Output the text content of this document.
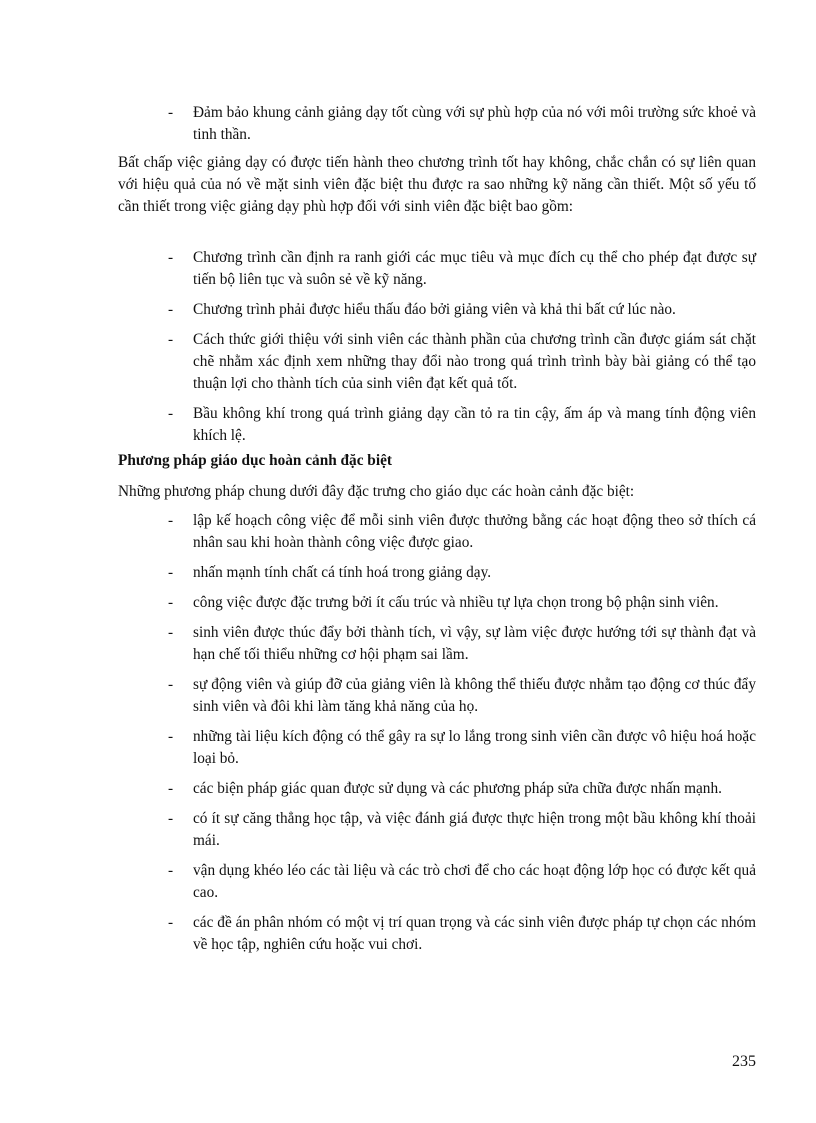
- Đảm bảo khung cảnh giảng dạy tốt cùng với sự phù hợp của nó với môi trường sức khoẻ và tinh thần.

Bất chấp việc giảng dạy có được tiến hành theo chương trình tốt hay không, chắc chắn có sự liên quan với hiệu quả của nó về mặt sinh viên đặc biệt thu được ra sao những kỹ năng cần thiết. Một số yếu tố cần thiết trong việc giảng dạy phù hợp đối với sinh viên đặc biệt bao gồm:

- Chương trình cần định ra ranh giới các mục tiêu và mục đích cụ thể cho phép đạt được sự tiến bộ liên tục và suôn sẻ về kỹ năng.
- Chương trình phải được hiểu thấu đáo bởi giảng viên và khả thi bất cứ lúc nào.
- Cách thức giới thiệu với sinh viên các thành phần của chương trình cần được giám sát chặt chẽ nhằm xác định xem những thay đổi nào trong quá trình trình bày bài giảng có thể tạo thuận lợi cho thành tích của sinh viên đạt kết quả tốt.
- Bầu không khí trong quá trình giảng dạy cần tỏ ra tin cậy, ấm áp và mang tính động viên khích lệ.
Phương pháp giáo dục hoàn cảnh đặc biệt

Những phương pháp chung dưới đây đặc trưng cho giáo dục các hoàn cảnh đặc biệt:

- lập kế hoạch công việc để mỗi sinh viên được thưởng bằng các hoạt động theo sở thích cá nhân sau khi hoàn thành công việc được giao.
- nhấn mạnh tính chất cá tính hoá trong giảng dạy.
- công việc được đặc trưng bởi ít cấu trúc và nhiều tự lựa chọn trong bộ phận sinh viên.
- sinh viên được thúc đẩy bởi thành tích, vì vậy, sự làm việc được hướng tới sự thành đạt và hạn chế tối thiểu những cơ hội phạm sai lầm.
- sự động viên và giúp đỡ của giảng viên là không thể thiếu được nhằm tạo động cơ thúc đẩy sinh viên và đôi khi làm tăng khả năng của họ.
- những tài liệu kích động có thể gây ra sự lo lắng trong sinh viên cần được vô hiệu hoá hoặc loại bỏ.
- các biện pháp giác quan được sử dụng và các phương pháp sửa chữa được nhấn mạnh.
- có ít sự căng thẳng học tập, và việc đánh giá được thực hiện trong một bầu không khí thoải mái.
- vận dụng khéo léo các tài liệu và các trò chơi để cho các hoạt động lớp học có được kết quả cao.
- các đề án phân nhóm có một vị trí quan trọng và các sinh viên được pháp tự chọn các nhóm về học tập, nghiên cứu hoặc vui chơi.
235
